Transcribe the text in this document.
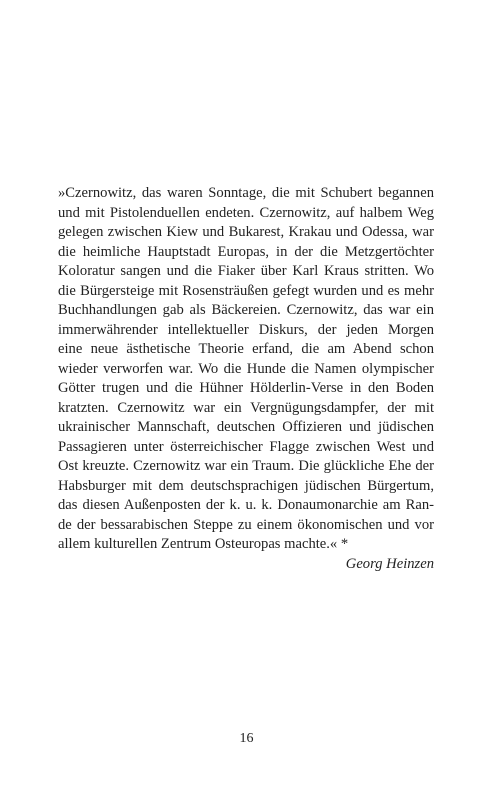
»Czernowitz, das waren Sonntage, die mit Schubert begannen
und mit Pistolenduellen endeten. Czernowitz, auf halbem Weg
gelegen zwischen Kiew und Bukarest, Krakau und Odessa, war
die heimliche Hauptstadt Europas, in der die Metzgertöchter
Koloratur sangen und die Fiaker über Karl Kraus stritten. Wo
die Bürgersteige mit Rosensträußen gefegt wurden und es mehr
Buchhandlungen gab als Bäckereien. Czernowitz, das war ein
immerwährender intellektueller Diskurs, der jeden Morgen
eine neue ästhetische Theorie erfand, die am Abend schon
wieder verworfen war. Wo die Hunde die Namen olympischer
Götter trugen und die Hühner Hölderlin-Verse in den Boden
kratzten. Czernowitz war ein Vergnügungsdampfer, der mit
ukrainischer Mannschaft, deutschen Offizieren und jüdischen
Passagieren unter österreichischer Flagge zwischen West und
Ost kreuzte. Czernowitz war ein Traum. Die glückliche Ehe der
Habsburger mit dem deutschsprachigen jüdischen Bürgertum,
das diesen Außenposten der k. u. k. Donaumonarchie am Ran-
de der bessarabischen Steppe zu einem ökonomischen und vor
allem kulturellen Zentrum Osteuropas machte.« *
Georg Heinzen
16
